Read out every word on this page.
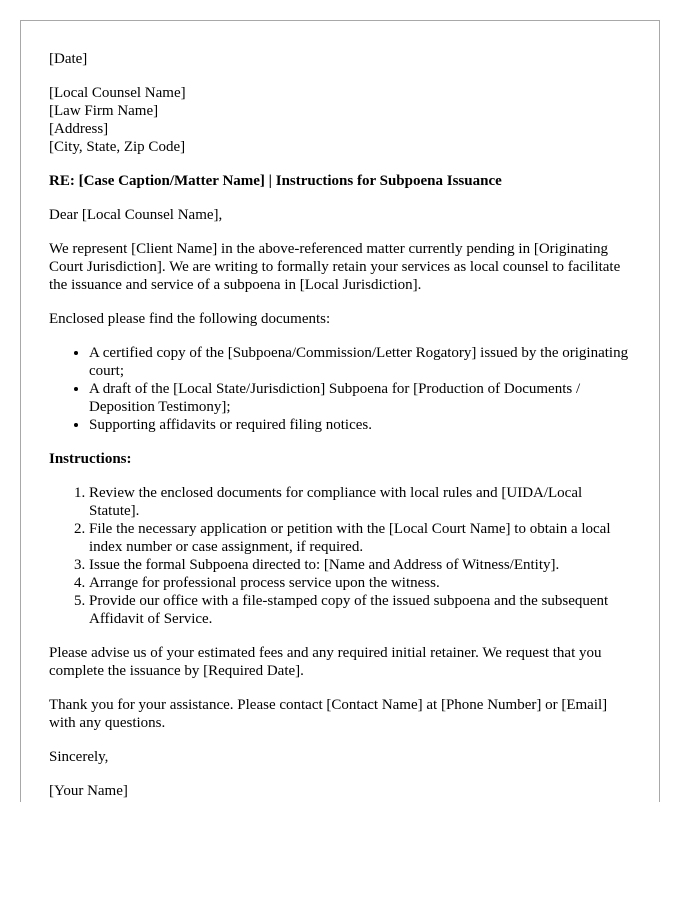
[Date]

[Local Counsel Name]
[Law Firm Name]
[Address]
[City, State, Zip Code]

RE: [Case Caption/Matter Name] | Instructions for Subpoena Issuance

Dear [Local Counsel Name],

We represent [Client Name] in the above-referenced matter currently pending in [Originating Court Jurisdiction]. We are writing to formally retain your services as local counsel to facilitate the issuance and service of a subpoena in [Local Jurisdiction].

Enclosed please find the following documents:

• A certified copy of the [Subpoena/Commission/Letter Rogatory] issued by the originating court;
• A draft of the [Local State/Jurisdiction] Subpoena for [Production of Documents / Deposition Testimony];
• Supporting affidavits or required filing notices.

Instructions:

1. Review the enclosed documents for compliance with local rules and [UIDA/Local Statute].
2. File the necessary application or petition with the [Local Court Name] to obtain a local index number or case assignment, if required.
3. Issue the formal Subpoena directed to: [Name and Address of Witness/Entity].
4. Arrange for professional process service upon the witness.
5. Provide our office with a file-stamped copy of the issued subpoena and the subsequent Affidavit of Service.

Please advise us of your estimated fees and any required initial retainer. We request that you complete the issuance by [Required Date].

Thank you for your assistance. Please contact [Contact Name] at [Phone Number] or [Email] with any questions.

Sincerely,

[Your Name]
